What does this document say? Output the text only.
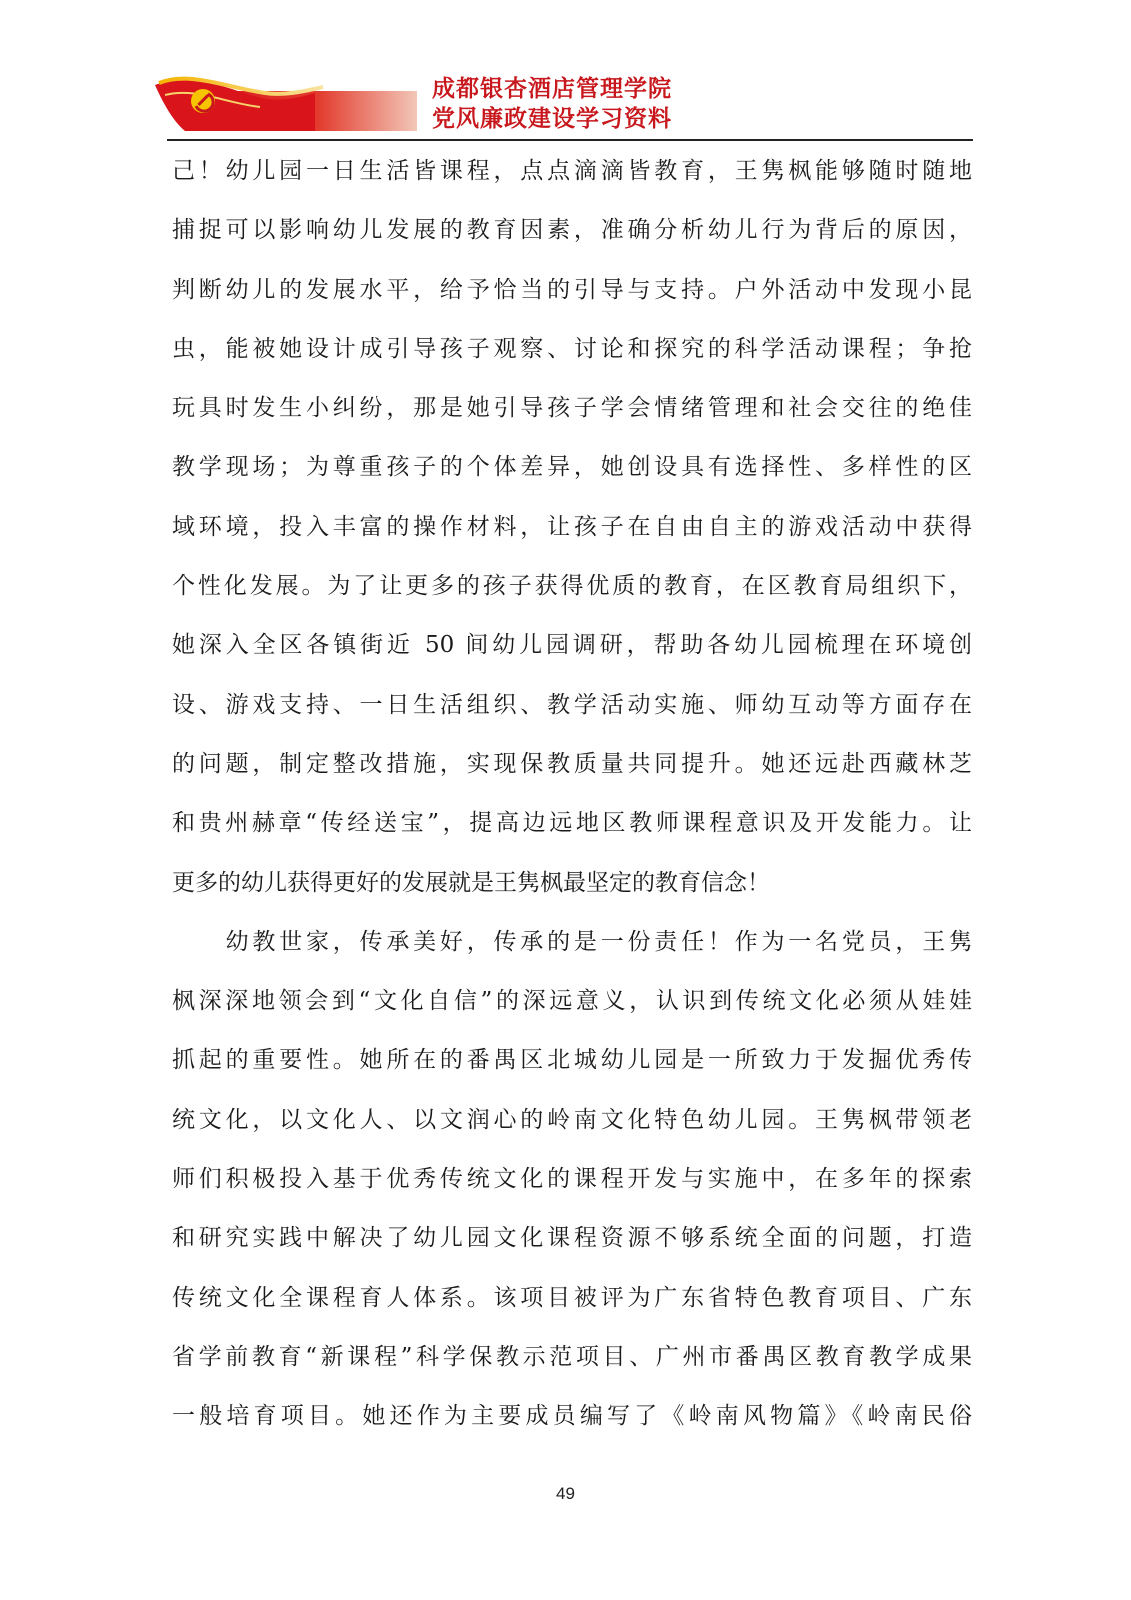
成都银杏酒店管理学院
党风廉政建设学习资料

己！幼儿园一日生活皆课程，点点滴滴皆教育，王隽枫能够随时随地
捕捉可以影响幼儿发展的教育因素，准确分析幼儿行为背后的原因，
判断幼儿的发展水平，给予恰当的引导与支持。户外活动中发现小昆
虫，能被她设计成引导孩子观察、讨论和探究的科学活动课程；争抢
玩具时发生小纠纷，那是她引导孩子学会情绪管理和社会交往的绝佳
教学现场；为尊重孩子的个体差异，她创设具有选择性、多样性的区
域环境，投入丰富的操作材料，让孩子在自由自主的游戏活动中获得
个性化发展。为了让更多的孩子获得优质的教育，在区教育局组织下，
她深入全区各镇街近 50 间幼儿园调研，帮助各幼儿园梳理在环境创
设、游戏支持、一日生活组织、教学活动实施、师幼互动等方面存在
的问题，制定整改措施，实现保教质量共同提升。她还远赴西藏林芝
和贵州赫章“传经送宝”，提高边远地区教师课程意识及开发能力。让
更多的幼儿获得更好的发展就是王隽枫最坚定的教育信念！

　　幼教世家，传承美好，传承的是一份责任！作为一名党员，王隽
枫深深地领会到“文化自信”的深远意义，认识到传统文化必须从娃娃
抓起的重要性。她所在的番禺区北城幼儿园是一所致力于发掘优秀传
统文化，以文化人、以文润心的岭南文化特色幼儿园。王隽枫带领老
师们积极投入基于优秀传统文化的课程开发与实施中，在多年的探索
和研究实践中解决了幼儿园文化课程资源不够系统全面的问题，打造
传统文化全课程育人体系。该项目被评为广东省特色教育项目、广东
省学前教育“新课程”科学保教示范项目、广州市番禺区教育教学成果
一般培育项目。她还作为主要成员编写了《岭南风物篇》《岭南民俗

49
